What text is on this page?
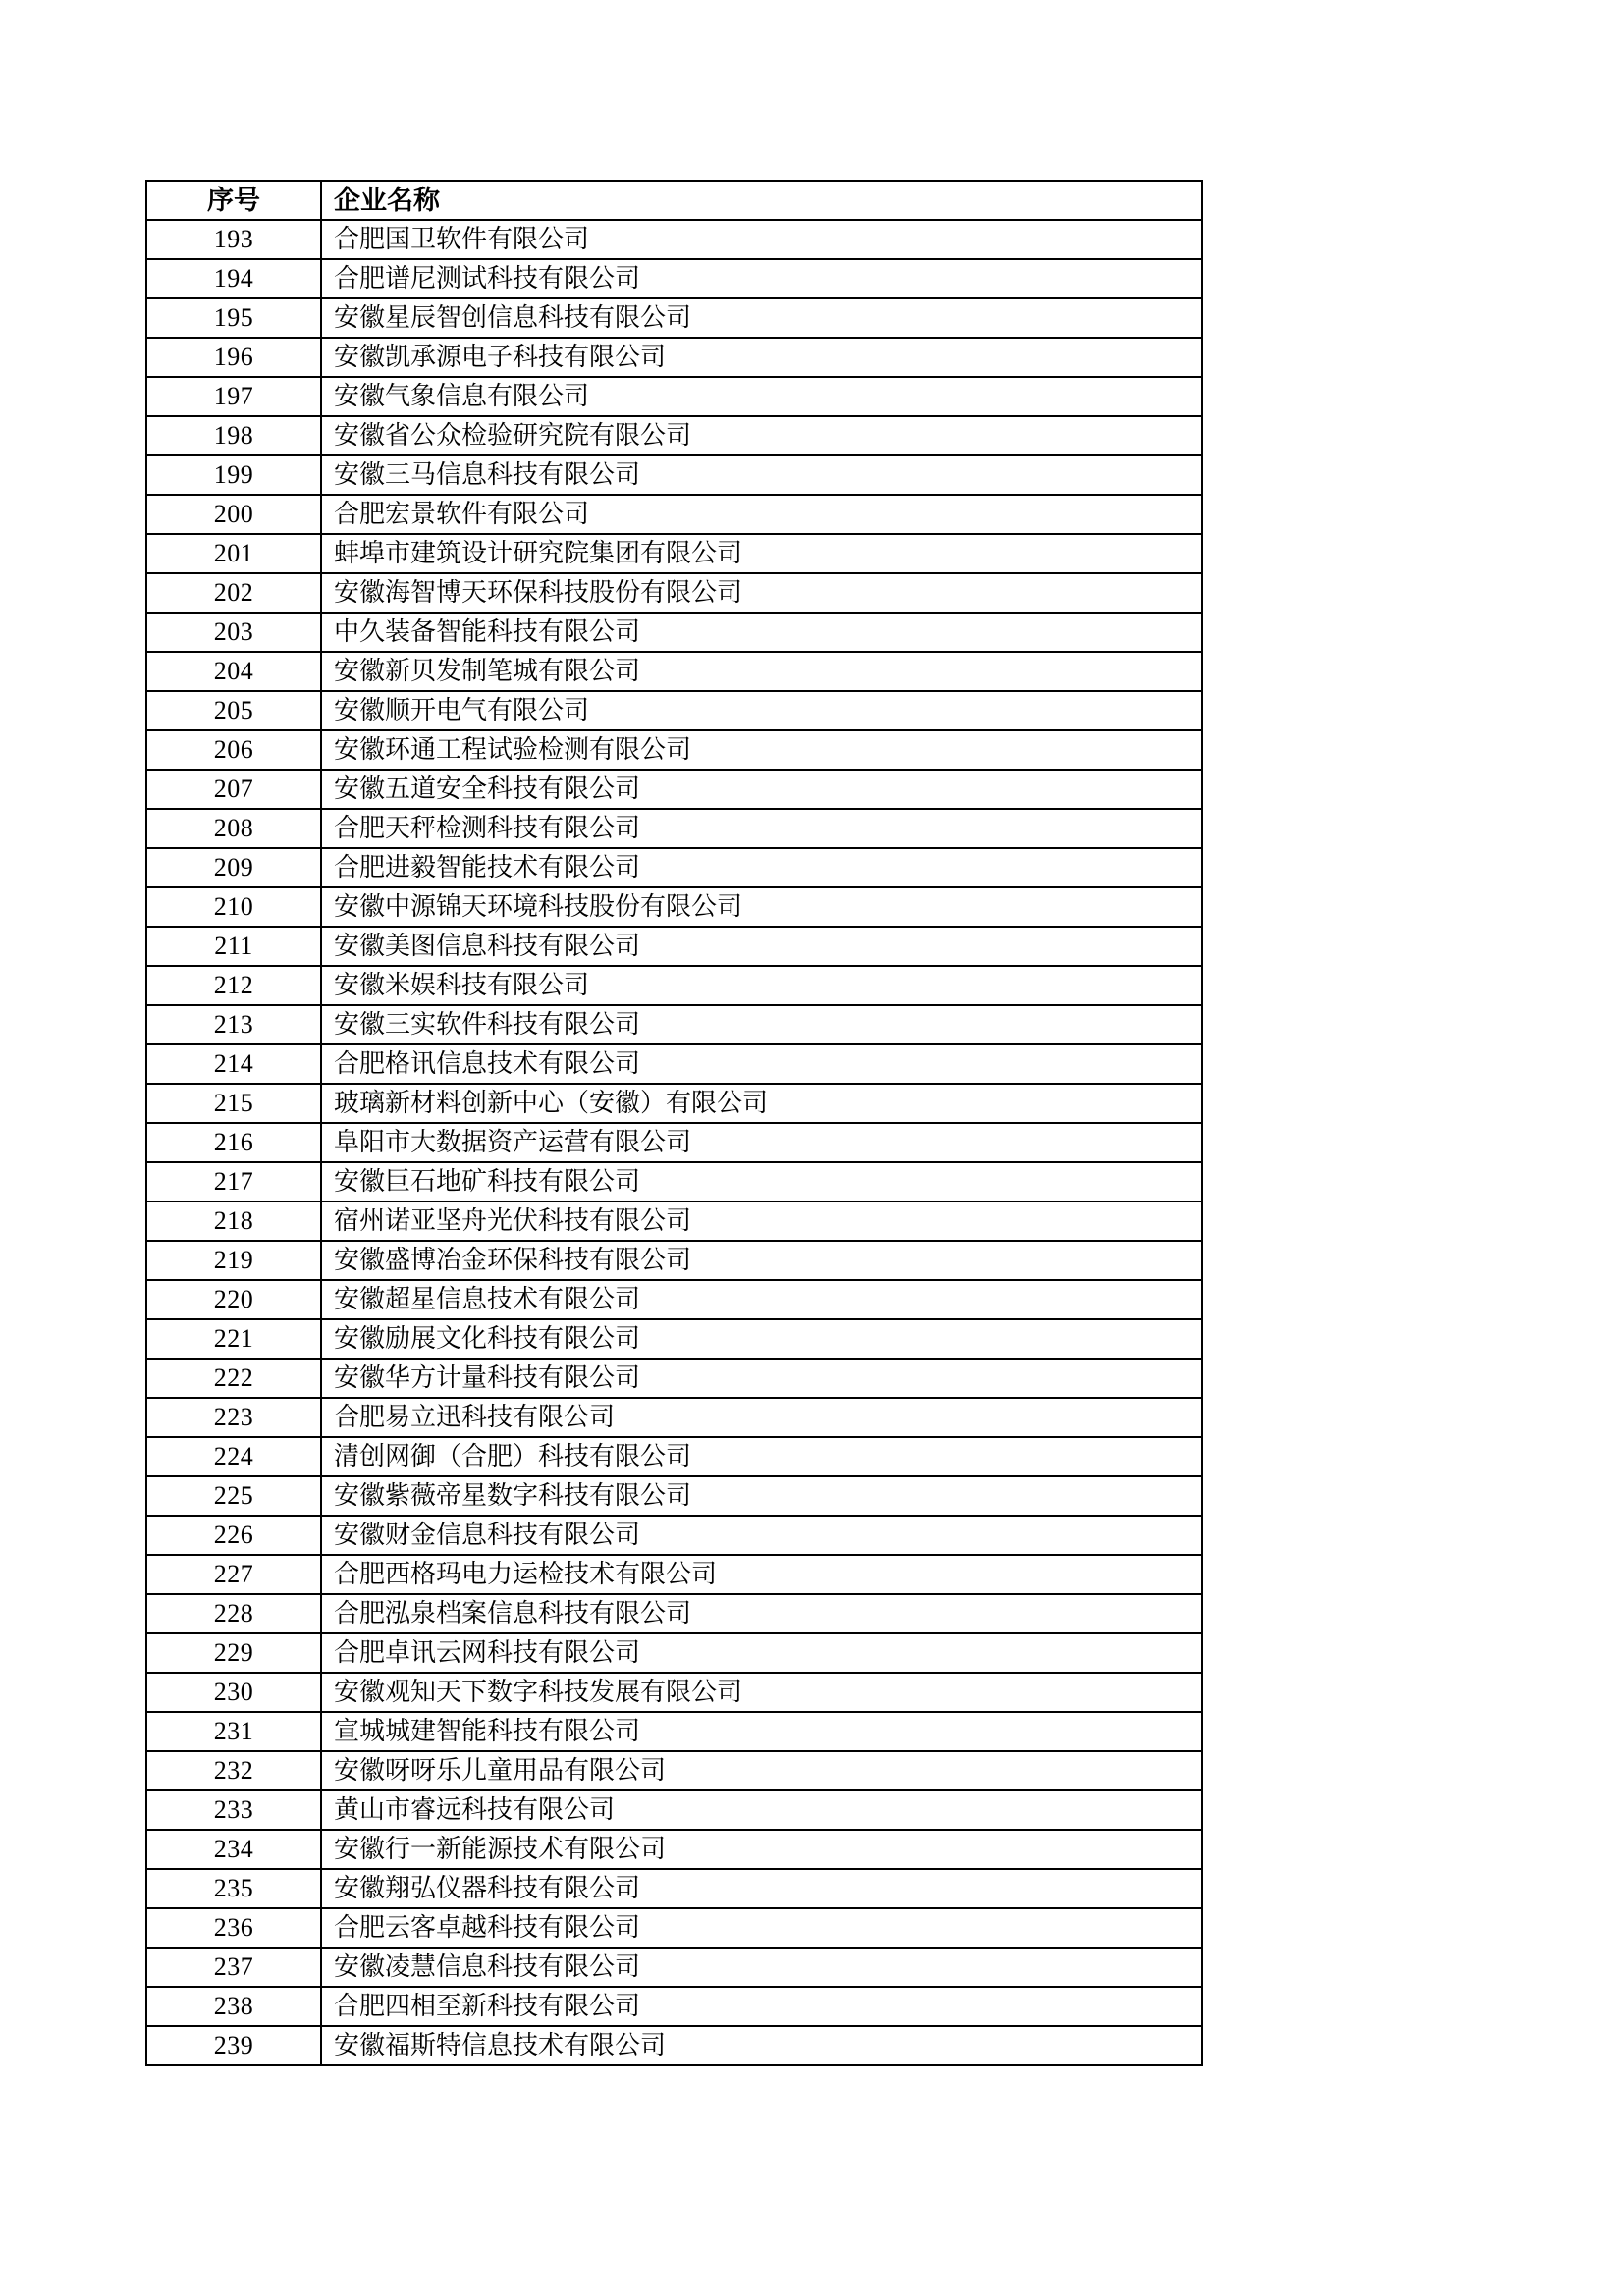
序号	企业名称
193	合肥国卫软件有限公司
194	合肥谱尼测试科技有限公司
195	安徽星辰智创信息科技有限公司
196	安徽凯承源电子科技有限公司
197	安徽气象信息有限公司
198	安徽省公众检验研究院有限公司
199	安徽三马信息科技有限公司
200	合肥宏景软件有限公司
201	蚌埠市建筑设计研究院集团有限公司
202	安徽海智博天环保科技股份有限公司
203	中久装备智能科技有限公司
204	安徽新贝发制笔城有限公司
205	安徽顺开电气有限公司
206	安徽环通工程试验检测有限公司
207	安徽五道安全科技有限公司
208	合肥天秤检测科技有限公司
209	合肥进毅智能技术有限公司
210	安徽中源锦天环境科技股份有限公司
211	安徽美图信息科技有限公司
212	安徽米娱科技有限公司
213	安徽三实软件科技有限公司
214	合肥格讯信息技术有限公司
215	玻璃新材料创新中心（安徽）有限公司
216	阜阳市大数据资产运营有限公司
217	安徽巨石地矿科技有限公司
218	宿州诺亚坚舟光伏科技有限公司
219	安徽盛博冶金环保科技有限公司
220	安徽超星信息技术有限公司
221	安徽励展文化科技有限公司
222	安徽华方计量科技有限公司
223	合肥易立迅科技有限公司
224	清创网御（合肥）科技有限公司
225	安徽紫薇帝星数字科技有限公司
226	安徽财金信息科技有限公司
227	合肥西格玛电力运检技术有限公司
228	合肥泓泉档案信息科技有限公司
229	合肥卓讯云网科技有限公司
230	安徽观知天下数字科技发展有限公司
231	宣城城建智能科技有限公司
232	安徽呀呀乐儿童用品有限公司
233	黄山市睿远科技有限公司
234	安徽行一新能源技术有限公司
235	安徽翔弘仪器科技有限公司
236	合肥云客卓越科技有限公司
237	安徽凌慧信息科技有限公司
238	合肥四相至新科技有限公司
239	安徽福斯特信息技术有限公司
